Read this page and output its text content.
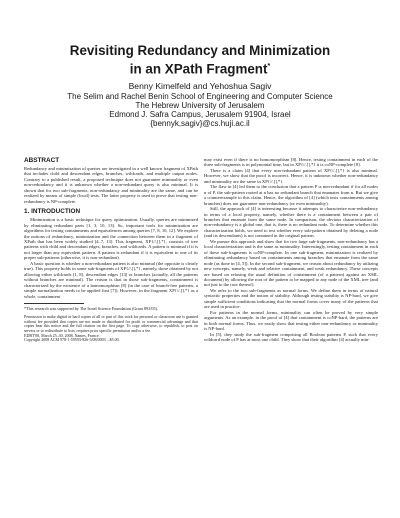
Revisiting Redundancy and Minimization
in an XPath Fragment*
Benny Kimelfeld and Yehoshua Sagiv
The Selim and Rachel Benin School of Engineering and Computer Science
The Hebrew University of Jerusalem
Edmond J. Safra Campus, Jerusalem 91904, Israel
{bennyk,sagiv}@cs.huji.ac.il
ABSTRACT
Redundancy and minimization of queries are investigated in a well known fragment of XPath that includes child and descendant edges, branches, wildcards, and multiple output nodes. Contrary to a published result, a proposed technique does not guarantee minimality or even non-redundancy and it is unknown whether a non-redundant query is also minimal. It is shown that for two sub-fragments, non-redundancy and minimality are the same, and can be realized by means of simple (local) tests. The latter property is used to prove that testing non-redundancy is NP-complete.
1. INTRODUCTION
Minimization is a basic technique for query optimization. Usually, queries are minimized by eliminating redundant parts [1, 3, 10, 13]. So, important tools for minimization are algorithms for testing containments and equivalences among queries [7, 8, 10, 12]. We explore the notions of redundancy, minimization and the connection between them in a fragment of XPath that has been widely studied [4–7, 13]. This fragment, XP{//,[],*}, consists of tree patterns with child and descendant edges, branches, and wildcards. A pattern is minimal if it is not larger than any equivalent pattern. A pattern is redundant if it is equivalent to one of its proper sub-patterns (otherwise, it is non-redundant).
A basic question is whether a non-redundant pattern is also minimal (the opposite is clearly true). This property holds in some sub-fragments of XP{//,[],*}, namely, those obtained by not allowing either wildcards [1, 8], descendant edges [13] or branches (actually, all the patterns without branches are minimal). The reason is that in those sub-fragments, containment is characterized by the existence of a homomorphism [8] (in the case of branch-free patterns, a simple normalization needs to be applied first [7]). However, in the fragment XP{//,[],*} as a whole, containment
*This research was supported by The Israel Science Foundation (Grant 893/05).
Permission to make digital or hard copies of all or part of this work for personal or classroom use is granted without fee provided that copies are not made or distributed for profit or commercial advantage and that copies bear this notice and the full citation on the first page. To copy otherwise, to republish, to post on servers or to redistribute to lists, requires prior specific permission and/or a fee.
EDBT'08, March 25–30, 2008, Nantes, France.
Copyright 2008 ACM 978-1-59593-926-5/08/0003 ...$5.00.
may exist even if there is no homomorphism [8]. Hence, testing containment in each of the three sub-fragments is in polynomial time, but in XP{//,[],*} it is coNP-complete [8].
There is a claim [4] that every non-redundant pattern of XP{//,[],*} is also minimal. However, we show that the proof is incorrect. Hence, it is unknown whether non-redundancy and minimality are the same in XP{//,[],*}.
The flaw in [4] led them to the conclusion that a pattern P is non-redundant if for all nodes n of P, the sub-pattern rooted at n has no redundant branch that emanates from n. But we give a counterexample to this claim. Hence, the algorithm of [4] (which tests containments among branches) does not guarantee non-redundancy (or even minimality).
Still, the approach of [4] is interesting because it attempts to characterize non-redundancy in terms of a local property, namely, whether there is a containment between a pair of branches that emanate from the same node. In comparison, the obvious characterization of non-redundancy is a global one, that is, there is no redundant node. To determine whether this characterization holds, we need to test whether every sub-pattern obtained by deleting a node (and its descendants) is not contained in the original pattern.
We pursue this approach and show that for two large sub-fragments, non-redundancy has a local characterization and is the same as minimality. Interestingly, testing containment in each of these sub-fragments is coNP-complete. In one sub-fragment, minimization is realized by eliminating redundancy based on containments among branches that emanate from the same node (as done in [4, 5]). In the second sub-fragment, we reason about redundancy by utilizing new concepts, namely, weak and relative containment, and weak redundancy. These concepts are based on relaxing the usual definition of containment (of a pattern) against an XML document) by allowing the root of the pattern to be mapped to any node of the XML tree (and not just to the root thereof).
We refer to the two sub-fragments as normal forms. We define them in terms of natural syntactic properties and the notion of stability. Although testing stability is NP-hard, we give simple sufficient conditions indicating that the normal forms cover many of the patterns that are used in practice.
For patterns in the normal forms, minimality can often be proved by very simple arguments. As an example, in the proof of [4] that containment is coNP-hard, the patterns are in both normal forms. Thus, we easily show that testing either non-redundancy or minimality is NP-hard.
In [5], they study the sub-fragment comprising all Boolean patterns P, such that every wildcard node of P has at most one child. They show that their algorithm [4] actually min-
